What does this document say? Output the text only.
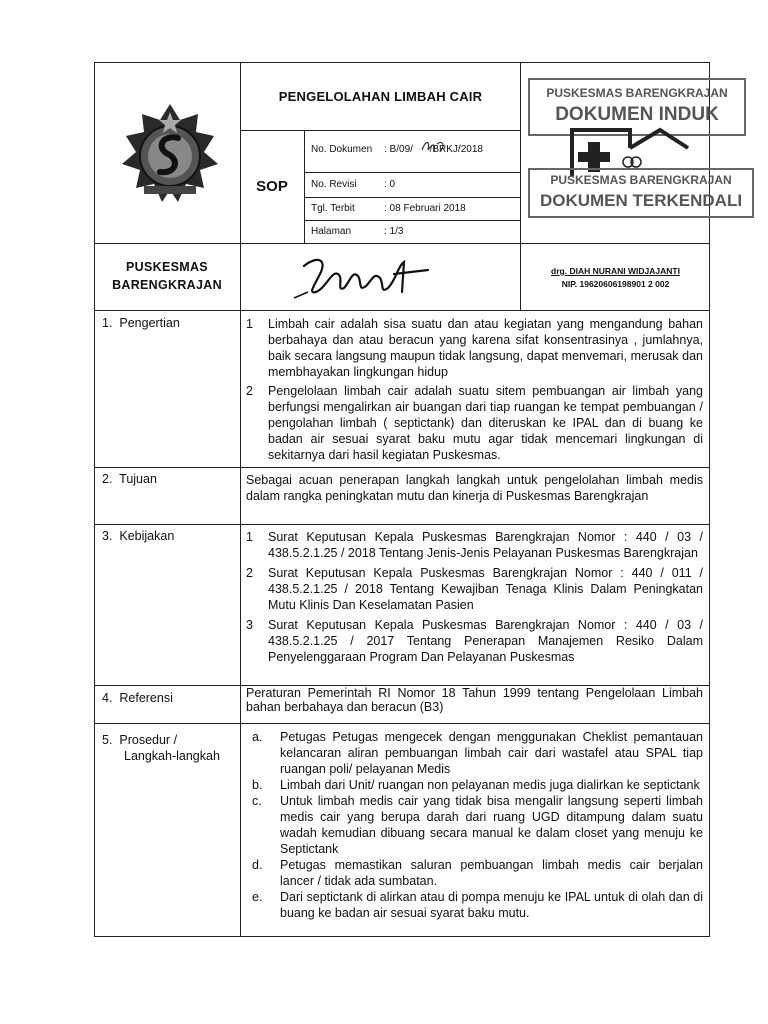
PENGELOLAHAN LIMBAH CAIR
SOP
No. Dokumen : B/09/      /BRKJ/2018
No. Revisi	: 0
Tgl. Terbit	: 08 Februari 2018
Halaman	: 1/3
PUSKESMAS BARENGKRAJAN
DOKUMEN INDUK
PUSKESMAS BARENGKRAJAN
DOKUMEN TERKENDALI
PUSKESMAS
BARENGKRAJAN
drg. DIAH NURANI WIDJAJANTI
NIP. 19620606198901 2 002
1.  Pengertian	1	Limbah cair adalah sisa suatu dan atau kegiatan yang mengandung bahan berbahaya dan atau beracun yang karena sifat konsentrasinya , jumlahnya, baik secara langsung maupun tidak langsung, dapat menvemari, merusak dan membhayakan lingkungan hidup
2	Pengelolaan limbah cair adalah suatu sitem pembuangan air limbah yang berfungsi mengalirkan air buangan dari tiap ruangan ke tempat pembuangan / pengolahan limbah ( septictank) dan diteruskan ke IPAL dan di buang ke badan air sesuai syarat baku mutu agar tidak mencemari lingkungan di sekitarnya dari hasil kegiatan Puskesmas.
2.  Tujuan	Sebagai acuan penerapan langkah langkah untuk pengelolahan limbah medis dalam rangka peningkatan mutu dan kinerja di Puskesmas Barengkrajan
3.  Kebijakan	1	Surat Keputusan Kepala Puskesmas Barengkrajan Nomor : 440 / 03 / 438.5.2.1.25 / 2018 Tentang Jenis-Jenis Pelayanan Puskesmas Barengkrajan
2	Surat Keputusan Kepala Puskesmas Barengkrajan Nomor : 440 / 011 / 438.5.2.1.25 / 2018 Tentang Kewajiban Tenaga Klinis Dalam Peningkatan Mutu Klinis Dan Keselamatan Pasien
3	Surat Keputusan Kepala Puskesmas Barengkrajan Nomor : 440 / 03 / 438.5.2.1.25 / 2017 Tentang Penerapan Manajemen Resiko Dalam Penyelenggaraan Program Dan Pelayanan Puskesmas
4.  Referensi	Peraturan Pemerintah RI Nomor 18 Tahun 1999 tentang Pengelolaan Limbah bahan berbahaya dan beracun (B3)
5.  Prosedur /
Langkah-langkah
a.	Petugas Petugas mengecek dengan menggunakan Cheklist pemantauan kelancaran aliran pembuangan limbah cair dari wastafel atau SPAL tiap ruangan poli/ pelayanan Medis
b.	Limbah dari Unit/ ruangan non pelayanan medis juga dialirkan ke septictank
c.	Untuk limbah medis cair yang tidak bisa mengalir langsung seperti limbah medis cair yang berupa darah dari ruang UGD ditampung dalam suatu wadah kemudian dibuang secara manual ke dalam closet yang menuju ke Septictank
d.	Petugas memastikan saluran pembuangan limbah medis cair berjalan lancer / tidak ada sumbatan.
e.	Dari septictank di alirkan atau di pompa menuju ke IPAL untuk di olah dan di buang ke badan air sesuai syarat baku mutu.
